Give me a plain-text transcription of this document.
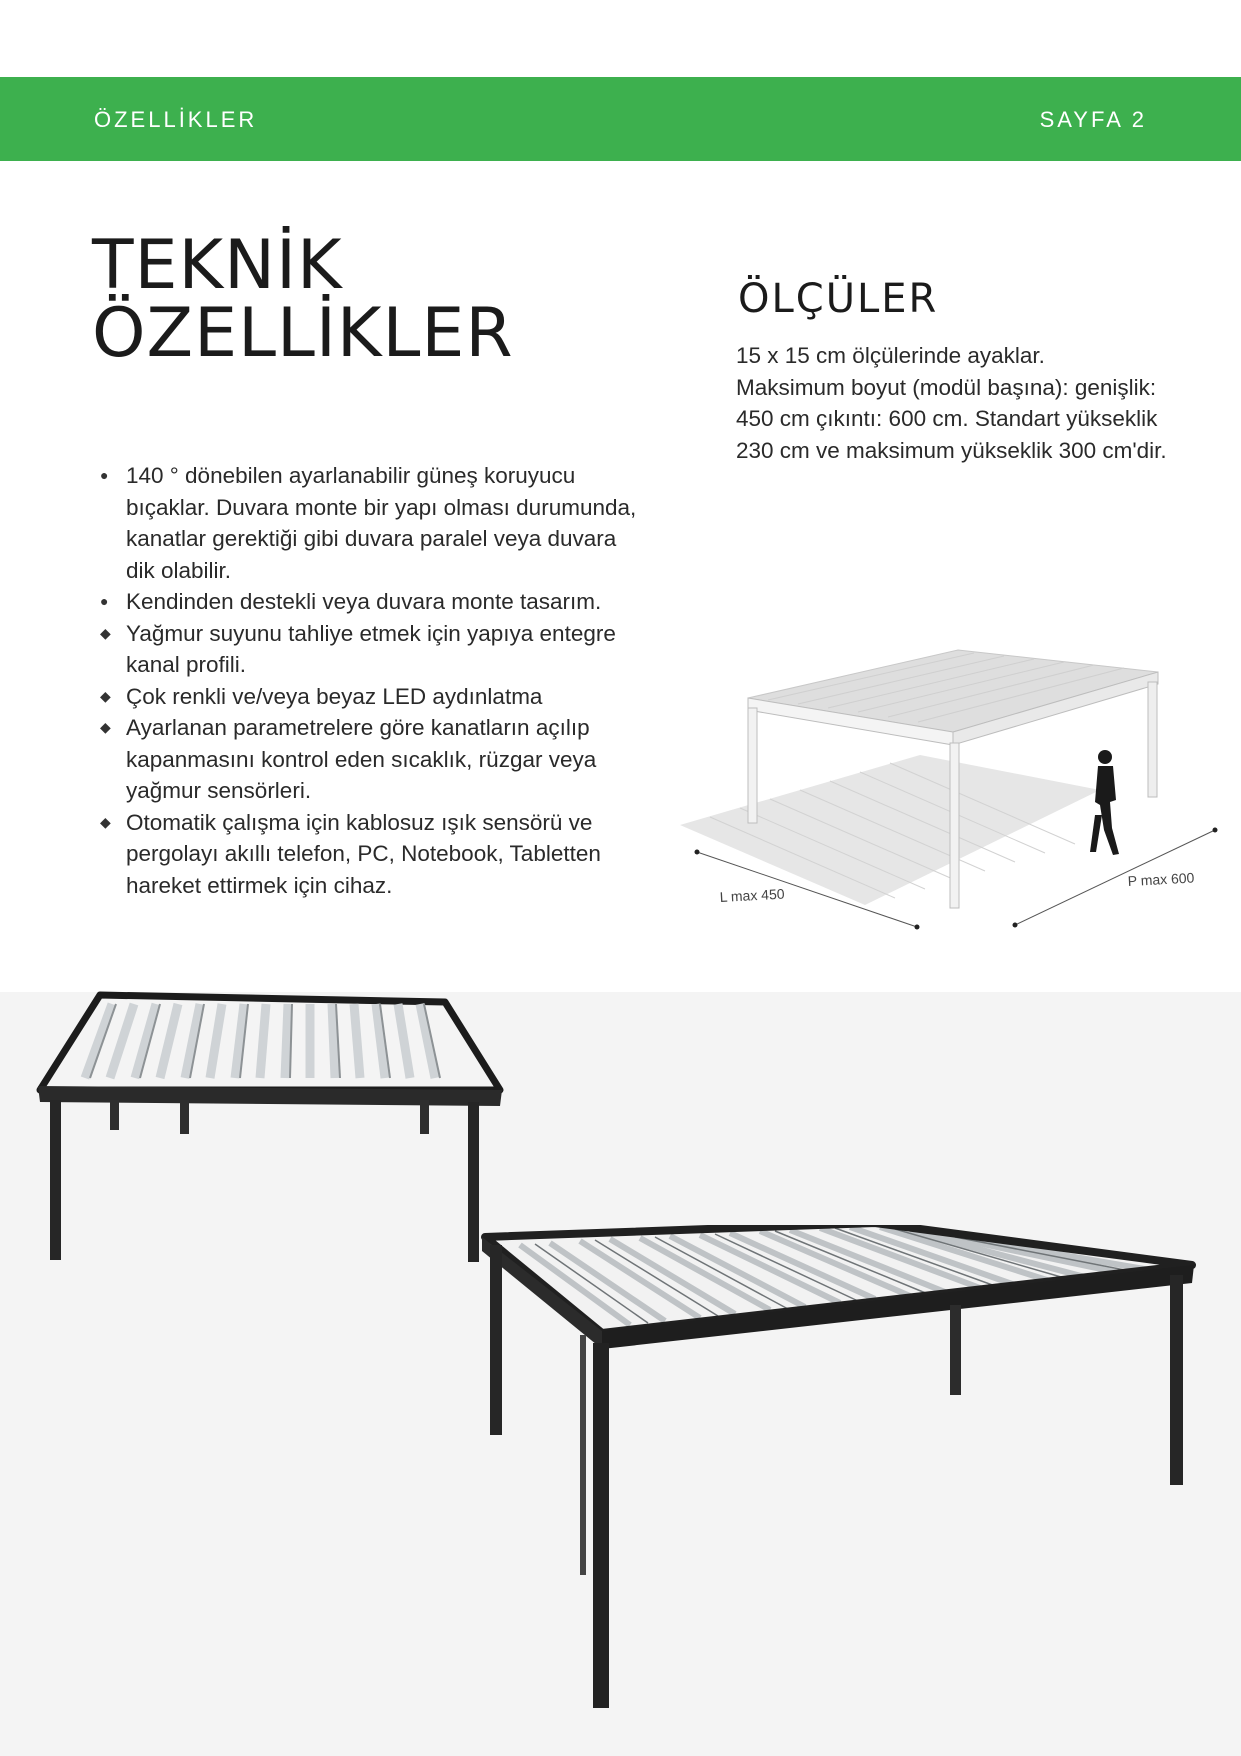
ÖZELLİKLER	SAYFA 2
TEKNİK
ÖZELLİKLER
● 140 ° dönebilen ayarlanabilir güneş koruyucu bıçaklar. Duvara monte bir yapı olması durumunda, kanatlar gerektiği gibi duvara paralel veya duvara dik olabilir.
● Kendinden destekli veya duvara monte tasarım.
◆ Yağmur suyunu tahliye etmek için yapıya entegre kanal profili.
◆ Çok renkli ve/veya beyaz LED aydınlatma
◆ Ayarlanan parametrelere göre kanatların açılıp kapanmasını kontrol eden sıcaklık, rüzgar veya yağmur sensörleri.
◆ Otomatik çalışma için kablosuz ışık sensörü ve pergolayı akıllı telefon, PC, Notebook, Tabletten hareket ettirmek için cihaz.
ÖLÇÜLER

15 x 15 cm ölçülerinde ayaklar.
Maksimum boyut (modül başına): genişlik:
450 cm çıkıntı: 600 cm. Standart yükseklik
230 cm ve maksimum yükseklik 300 cm'dir.

L max 450
P max 600
